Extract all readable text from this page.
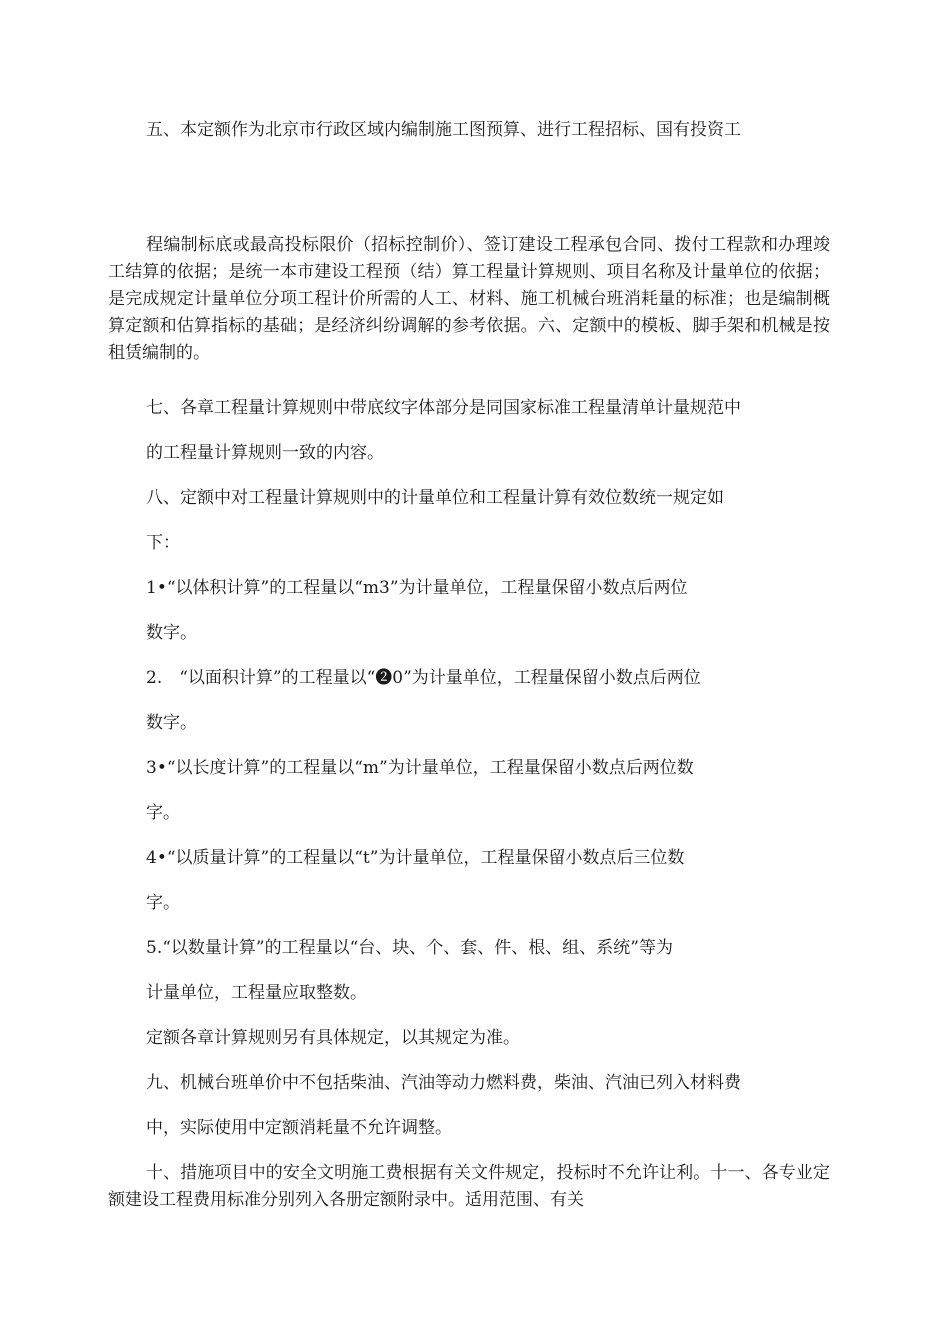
五、本定额作为北京市行政区域内编制施工图预算、进行工程招标、国有投资工
程编制标底或最高投标限价（招标控制价）、签订建设工程承包合同、拨付工程款和办理竣工结算的依据；是统一本市建设工程预（结）算工程量计算规则、项目名称及计量单位的依据；是完成规定计量单位分项工程计价所需的人工、材料、施工机械台班消耗量的标准；也是编制概算定额和估算指标的基础；是经济纠纷调解的参考依据。六、定额中的模板、脚手架和机械是按租赁编制的。
七、各章工程量计算规则中带底纹字体部分是同国家标准工程量清单计量规范中
的工程量计算规则一致的内容。
八、定额中对工程量计算规则中的计量单位和工程量计算有效位数统一规定如
下：
1•“以体积计算”的工程量以“m3”为计量单位，工程量保留小数点后两位
数字。
2.　“以面积计算”的工程量以“❷0”为计量单位，工程量保留小数点后两位
数字。
3•“以长度计算”的工程量以“m”为计量单位，工程量保留小数点后两位数
字。
4•“以质量计算”的工程量以“t”为计量单位，工程量保留小数点后三位数
字。
5.“以数量计算”的工程量以“台、块、个、套、件、根、组、系统”等为
计量单位，工程量应取整数。
定额各章计算规则另有具体规定，以其规定为准。
九、机械台班单价中不包括柴油、汽油等动力燃料费，柴油、汽油已列入材料费
中，实际使用中定额消耗量不允许调整。
十、措施项目中的安全文明施工费根据有关文件规定，投标时不允许让利。十一、各专业定额建设工程费用标准分别列入各册定额附录中。适用范围、有关
